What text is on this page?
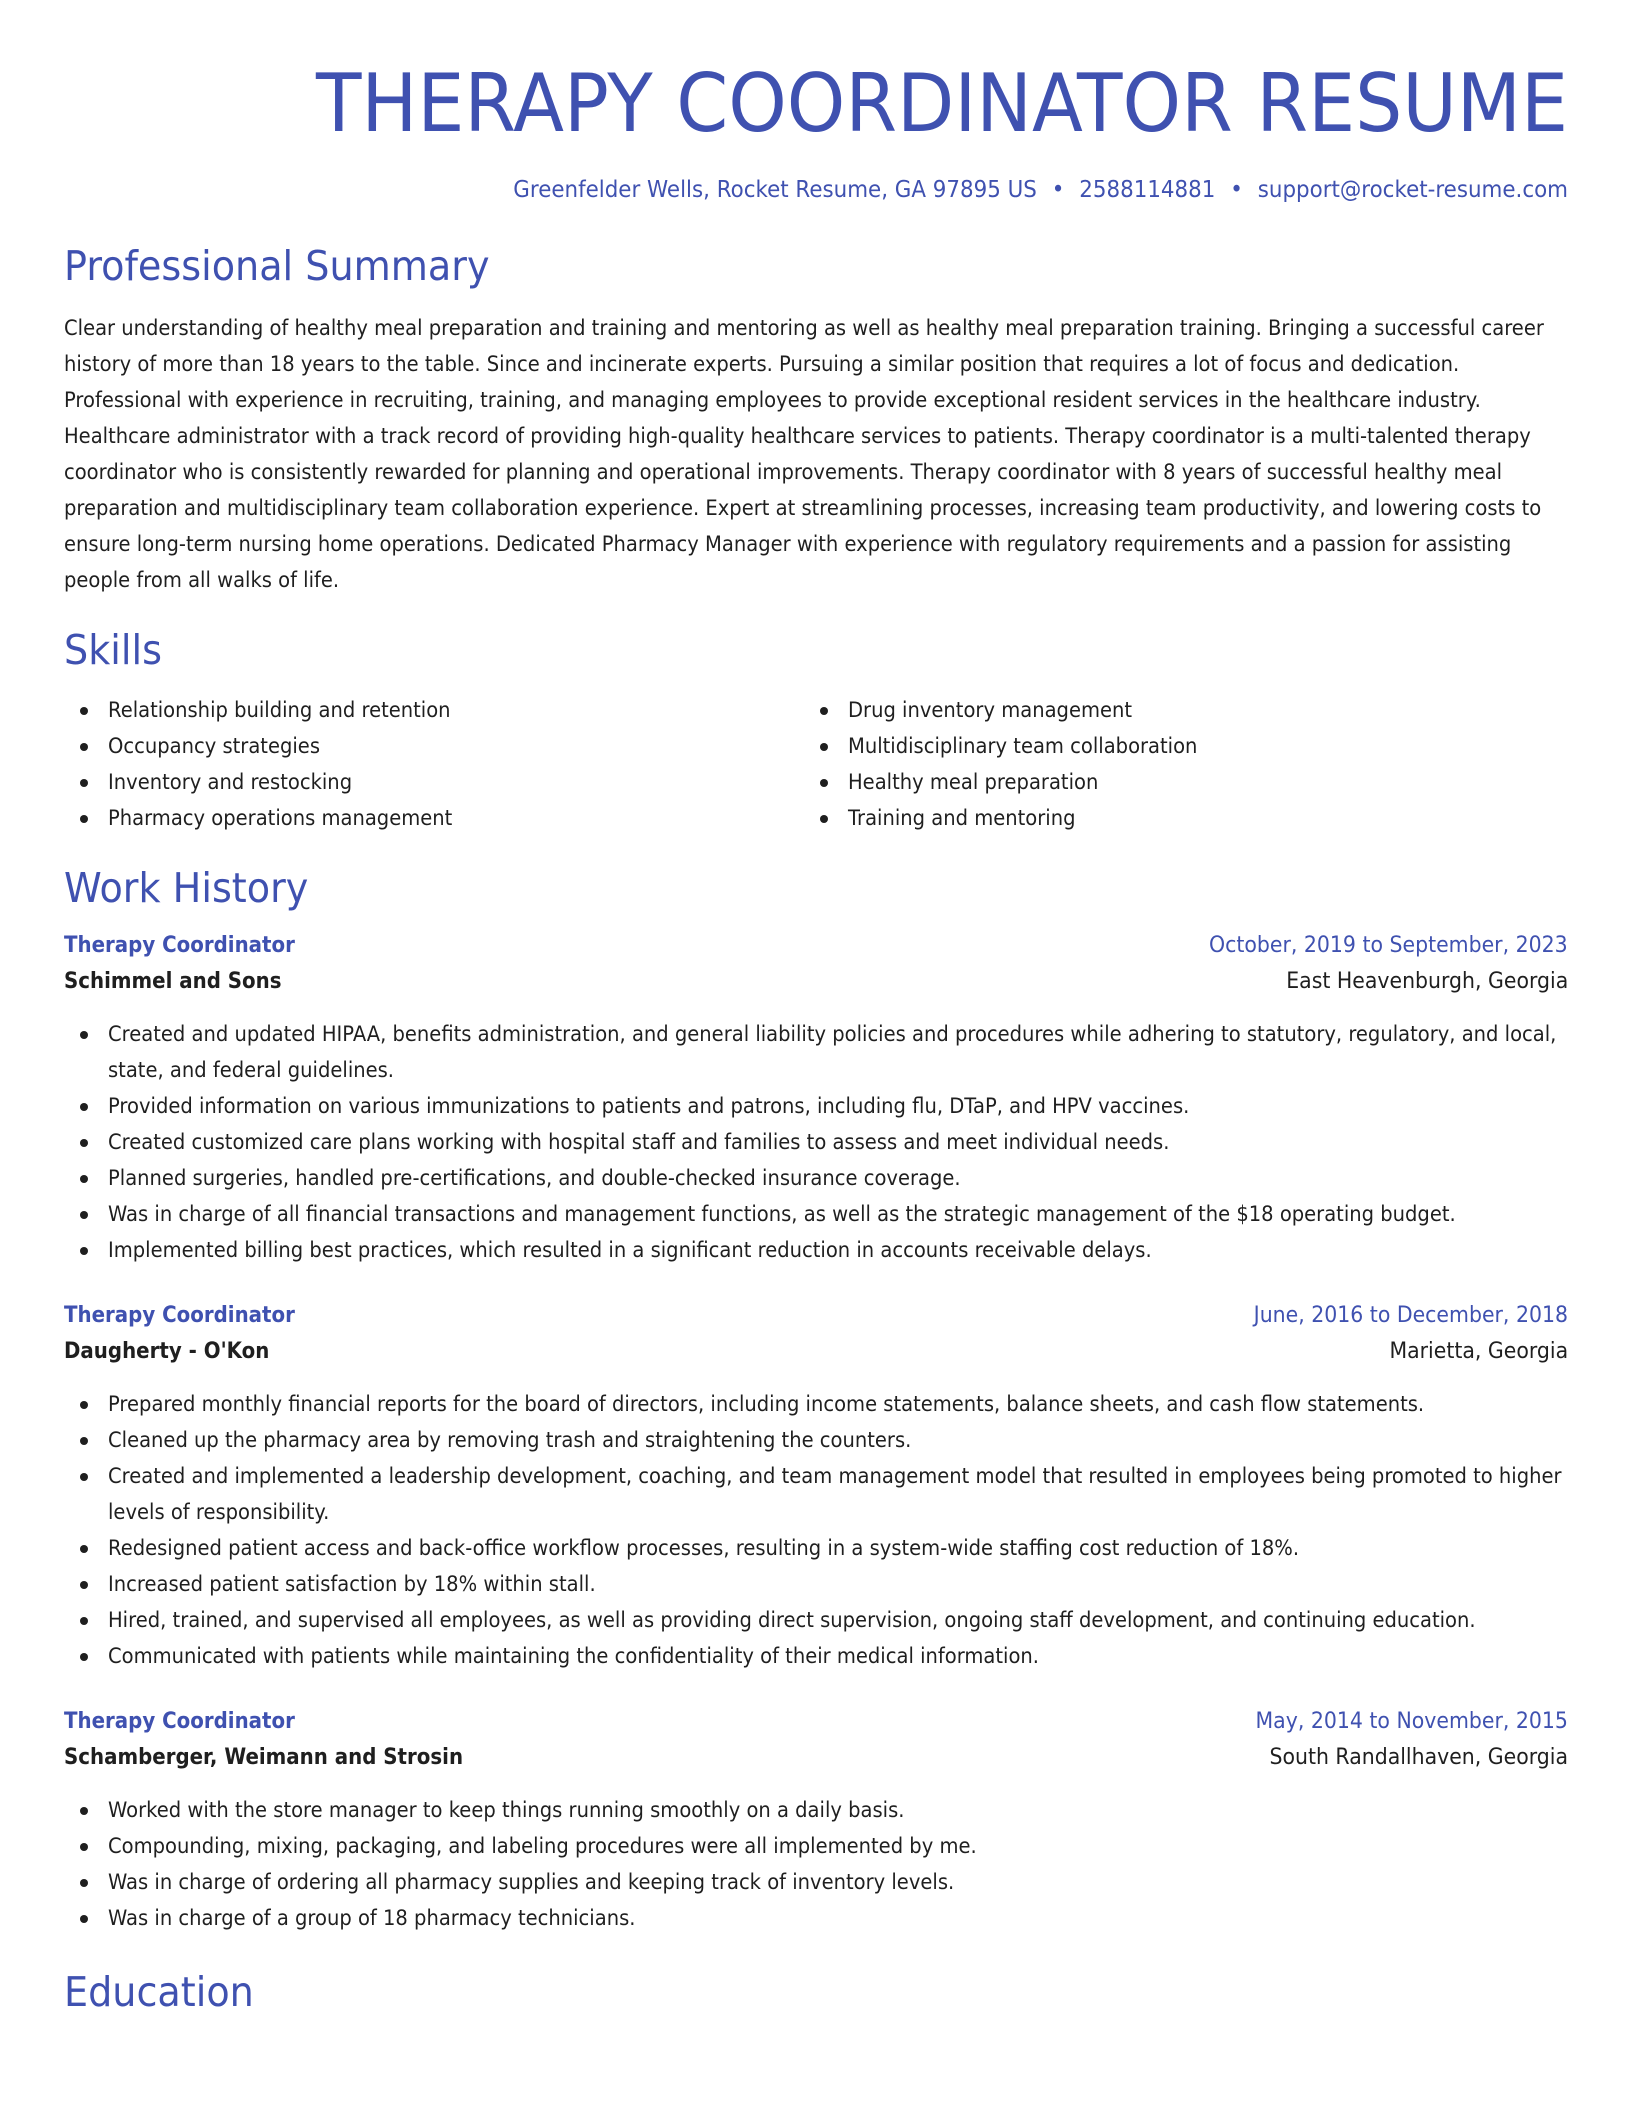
THERAPY COORDINATOR RESUME
Greenfelder Wells, Rocket Resume, GA 97895 US • 2588114881 • support@rocket-resume.com
Professional Summary
Clear understanding of healthy meal preparation and training and mentoring as well as healthy meal preparation training. Bringing a successful career history of more than 18 years to the table. Since and incinerate experts. Pursuing a similar position that requires a lot of focus and dedication. Professional with experience in recruiting, training, and managing employees to provide exceptional resident services in the healthcare industry. Healthcare administrator with a track record of providing high-quality healthcare services to patients. Therapy coordinator is a multi-talented therapy coordinator who is consistently rewarded for planning and operational improvements. Therapy coordinator with 8 years of successful healthy meal preparation and multidisciplinary team collaboration experience. Expert at streamlining processes, increasing team productivity, and lowering costs to ensure long-term nursing home operations. Dedicated Pharmacy Manager with experience with regulatory requirements and a passion for assisting people from all walks of life.
Skills
Relationship building and retention
Occupancy strategies
Inventory and restocking
Pharmacy operations management
Drug inventory management
Multidisciplinary team collaboration
Healthy meal preparation
Training and mentoring
Work History
Therapy Coordinator	October, 2019 to September, 2023
Schimmel and Sons	East Heavenburgh, Georgia
Created and updated HIPAA, benefits administration, and general liability policies and procedures while adhering to statutory, regulatory, and local, state, and federal guidelines.
Provided information on various immunizations to patients and patrons, including flu, DTaP, and HPV vaccines.
Created customized care plans working with hospital staff and families to assess and meet individual needs.
Planned surgeries, handled pre-certifications, and double-checked insurance coverage.
Was in charge of all financial transactions and management functions, as well as the strategic management of the $18 operating budget.
Implemented billing best practices, which resulted in a significant reduction in accounts receivable delays.
Therapy Coordinator	June, 2016 to December, 2018
Daugherty - O'Kon	Marietta, Georgia
Prepared monthly financial reports for the board of directors, including income statements, balance sheets, and cash flow statements.
Cleaned up the pharmacy area by removing trash and straightening the counters.
Created and implemented a leadership development, coaching, and team management model that resulted in employees being promoted to higher levels of responsibility.
Redesigned patient access and back-office workflow processes, resulting in a system-wide staffing cost reduction of 18%.
Increased patient satisfaction by 18% within stall.
Hired, trained, and supervised all employees, as well as providing direct supervision, ongoing staff development, and continuing education.
Communicated with patients while maintaining the confidentiality of their medical information.
Therapy Coordinator	May, 2014 to November, 2015
Schamberger, Weimann and Strosin	South Randallhaven, Georgia
Worked with the store manager to keep things running smoothly on a daily basis.
Compounding, mixing, packaging, and labeling procedures were all implemented by me.
Was in charge of ordering all pharmacy supplies and keeping track of inventory levels.
Was in charge of a group of 18 pharmacy technicians.
Education
